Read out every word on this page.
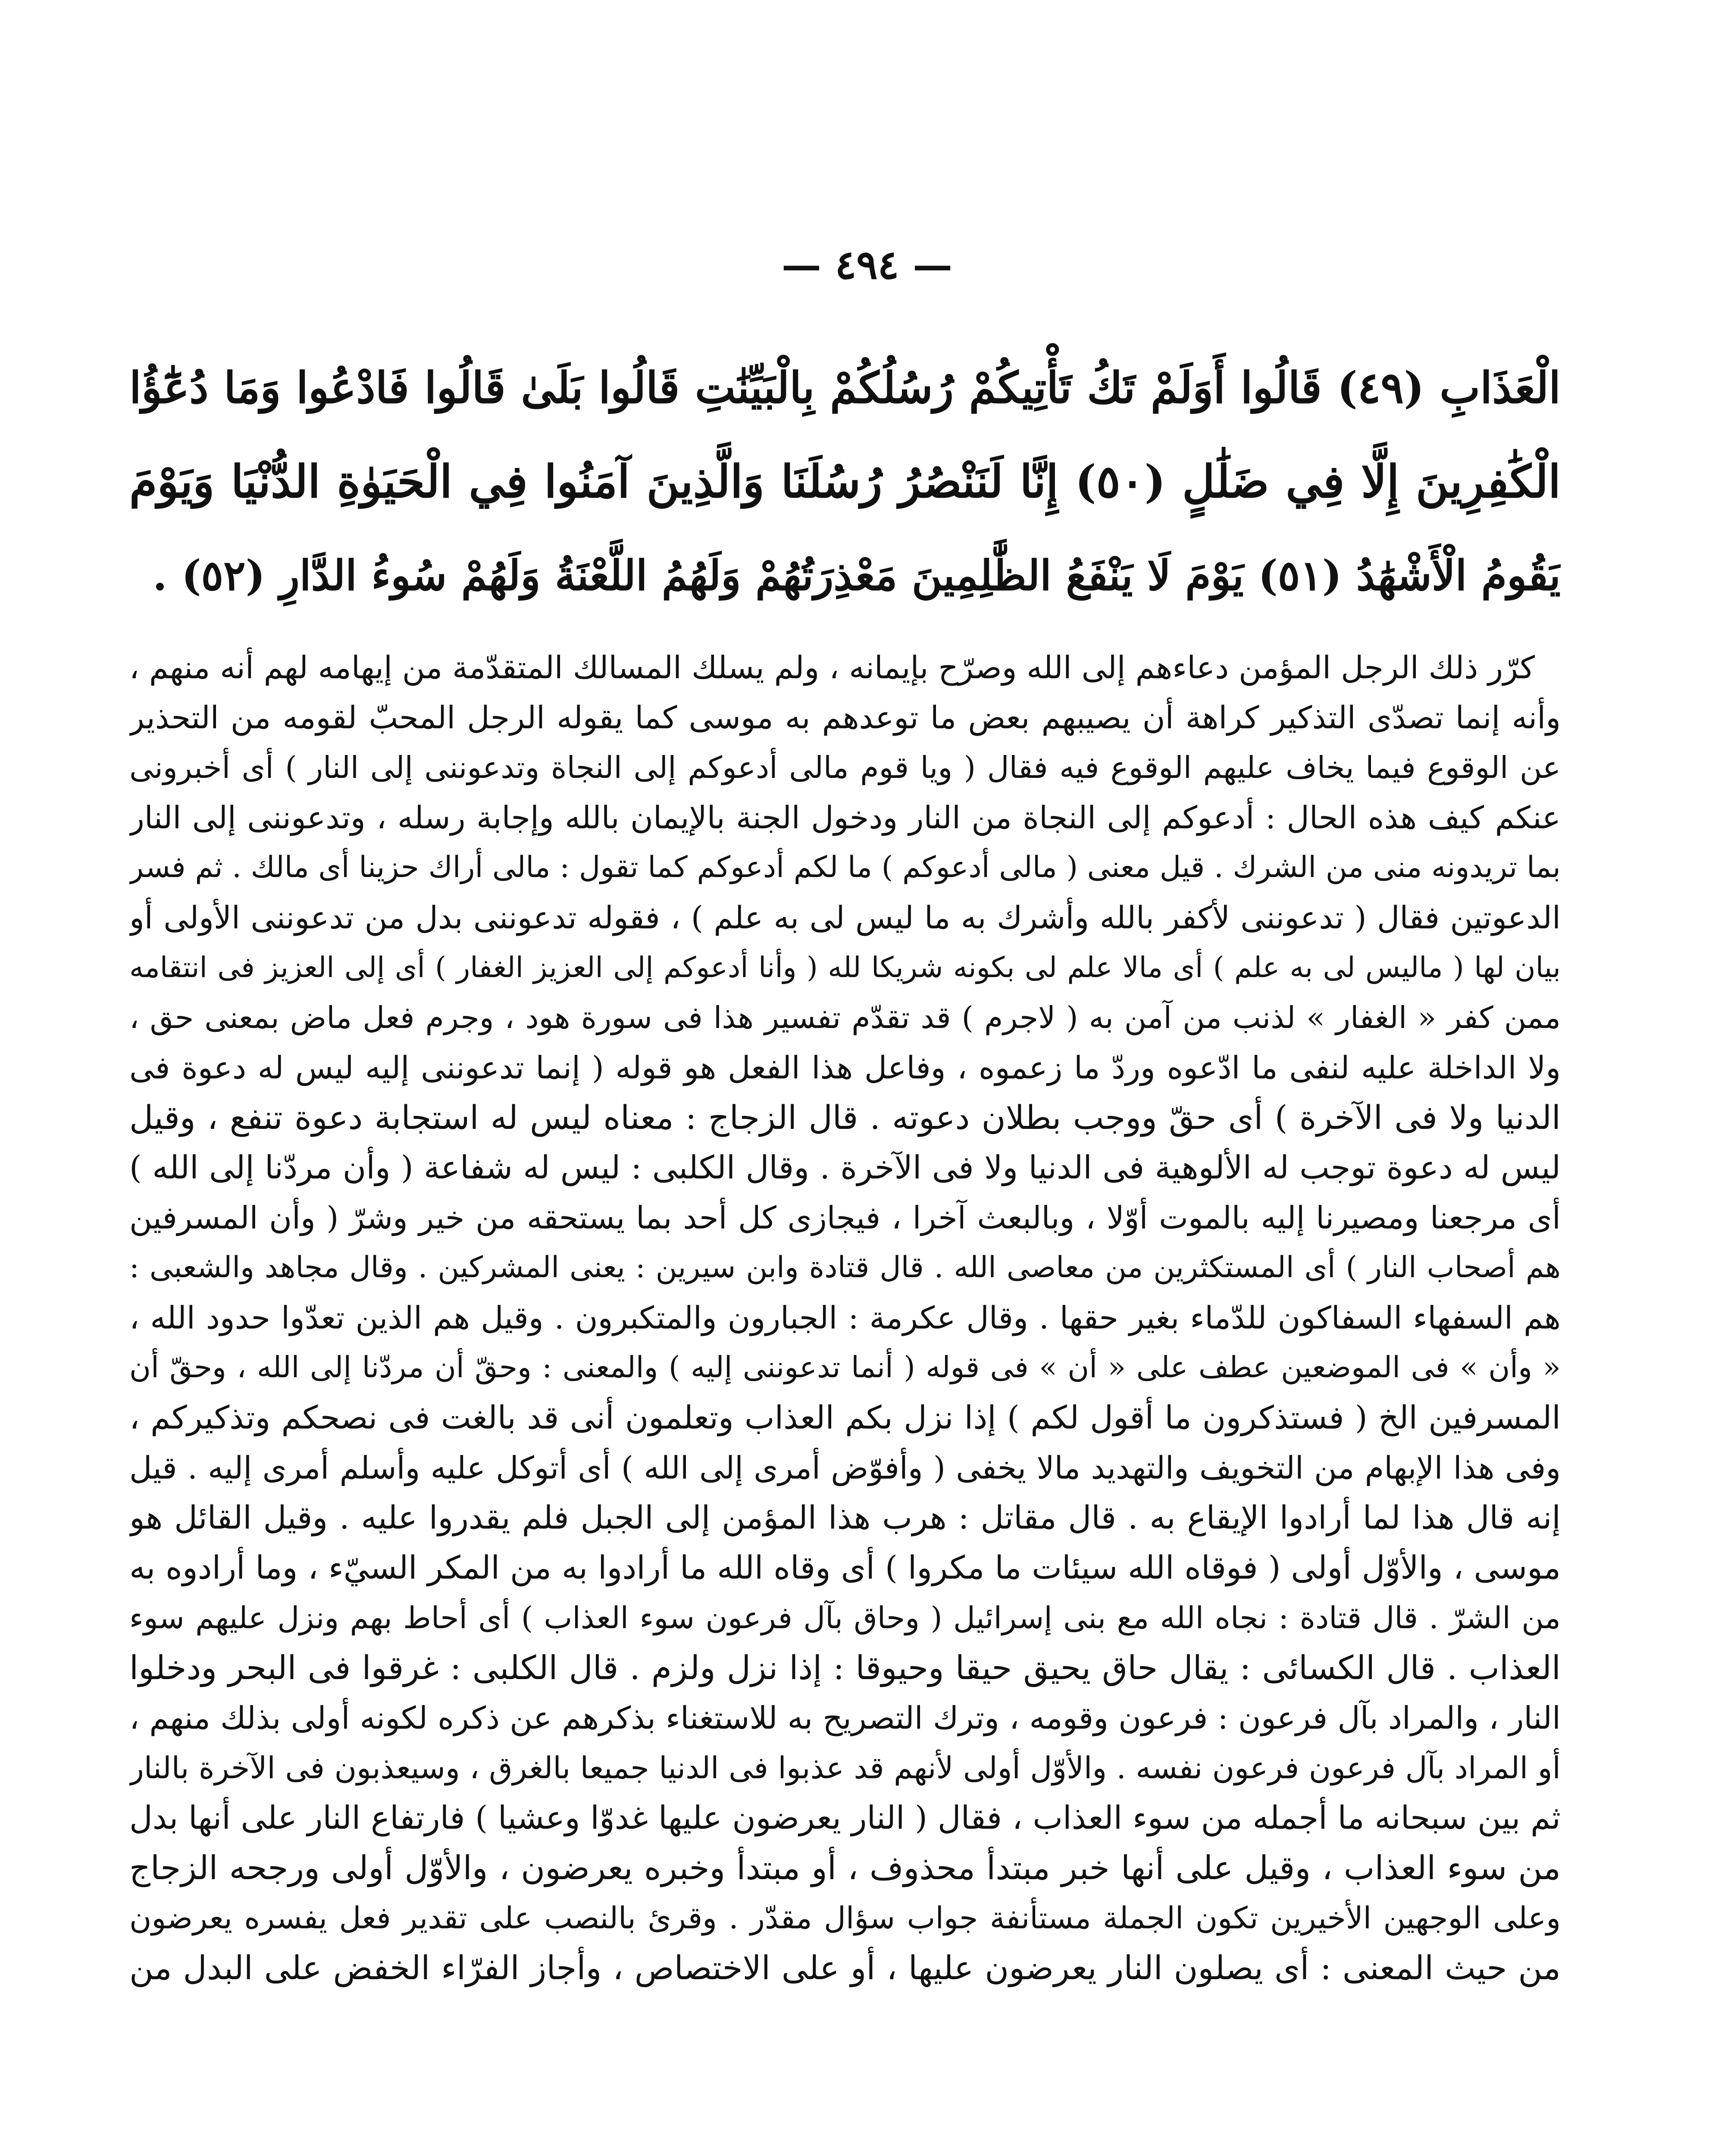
— ٤٩٤ —
الْعَذَابِ (٤٩) قَالُوا أَوَلَمْ تَكُ تَأْتِيكُمْ رُسُلُكُمْ بِالْبَيِّنَٰتِ قَالُوا بَلَىٰ قَالُوا فَادْعُوا وَمَا دُعَٰٓؤُا
الْكَٰفِرِينَ إِلَّا فِي ضَلَٰلٍ (٥٠) إِنَّا لَنَنْصُرُ رُسُلَنَا وَالَّذِينَ آمَنُوا فِي الْحَيَوٰةِ الدُّنْيَا وَيَوْمَ
يَقُومُ الْأَشْهَٰدُ (٥١) يَوْمَ لَا يَنْفَعُ الظَّٰلِمِينَ مَعْذِرَتُهُمْ وَلَهُمُ اللَّعْنَةُ وَلَهُمْ سُوءُ الدَّارِ (٥٢) .
كرّر ذلك الرجل المؤمن دعاءهم إلى الله وصرّح بإيمانه ، ولم يسلك المسالك المتقدّمة من إيهامه لهم أنه منهم ،
وأنه إنما تصدّى التذكير كراهة أن يصيبهم بعض ما توعدهم به موسى كما يقوله الرجل المحبّ لقومه من التحذير
عن الوقوع فيما يخاف عليهم الوقوع فيه فقال ( ويا قوم مالى أدعوكم إلى النجاة وتدعوننى إلى النار ) أى أخبرونى
عنكم كيف هذه الحال : أدعوكم إلى النجاة من النار ودخول الجنة بالإيمان بالله وإجابة رسله ، وتدعوننى إلى النار
بما تريدونه منى من الشرك . قيل معنى ( مالى أدعوكم ) ما لكم أدعوكم كما تقول : مالى أراك حزينا أى مالك . ثم فسر
الدعوتين فقال ( تدعوننى لأكفر بالله وأشرك به ما ليس لى به علم ) ، فقوله تدعوننى بدل من تدعوننى الأولى أو
بيان لها ( ماليس لى به علم ) أى مالا علم لى بكونه شريكا لله ( وأنا أدعوكم إلى العزيز الغفار ) أى إلى العزيز فى انتقامه
ممن كفر « الغفار » لذنب من آمن به ( لاجرم ) قد تقدّم تفسير هذا فى سورة هود ، وجرم فعل ماض بمعنى حق ،
ولا الداخلة عليه لنفى ما ادّعوه وردّ ما زعموه ، وفاعل هذا الفعل هو قوله ( إنما تدعوننى إليه ليس له دعوة فى
الدنيا ولا فى الآخرة ) أى حقّ ووجب بطلان دعوته . قال الزجاج : معناه ليس له استجابة دعوة تنفع ، وقيل
ليس له دعوة توجب له الألوهية فى الدنيا ولا فى الآخرة . وقال الكلبى : ليس له شفاعة ( وأن مردّنا إلى الله )
أى مرجعنا ومصيرنا إليه بالموت أوّلا ، وبالبعث آخرا ، فيجازى كل أحد بما يستحقه من خير وشرّ ( وأن المسرفين
هم أصحاب النار ) أى المستكثرين من معاصى الله . قال قتادة وابن سيرين : يعنى المشركين . وقال مجاهد والشعبى :
هم السفهاء السفاكون للدّماء بغير حقها . وقال عكرمة : الجبارون والمتكبرون . وقيل هم الذين تعدّوا حدود الله ،
« وأن » فى الموضعين عطف على « أن » فى قوله ( أنما تدعوننى إليه ) والمعنى : وحقّ أن مردّنا إلى الله ، وحقّ أن
المسرفين الخ ( فستذكرون ما أقول لكم ) إذا نزل بكم العذاب وتعلمون أنى قد بالغت فى نصحكم وتذكيركم ،
وفى هذا الإبهام من التخويف والتهديد مالا يخفى ( وأفوّض أمرى إلى الله ) أى أتوكل عليه وأسلم أمرى إليه . قيل
إنه قال هذا لما أرادوا الإيقاع به . قال مقاتل : هرب هذا المؤمن إلى الجبل فلم يقدروا عليه . وقيل القائل هو
موسى ، والأوّل أولى ( فوقاه الله سيئات ما مكروا ) أى وقاه الله ما أرادوا به من المكر السيّء ، وما أرادوه به
من الشرّ . قال قتادة : نجاه الله مع بنى إسرائيل ( وحاق بآل فرعون سوء العذاب ) أى أحاط بهم ونزل عليهم سوء
العذاب . قال الكسائى : يقال حاق يحيق حيقا وحيوقا : إذا نزل ولزم . قال الكلبى : غرقوا فى البحر ودخلوا
النار ، والمراد بآل فرعون : فرعون وقومه ، وترك التصريح به للاستغناء بذكرهم عن ذكره لكونه أولى بذلك منهم ،
أو المراد بآل فرعون فرعون نفسه . والأوّل أولى لأنهم قد عذبوا فى الدنيا جميعا بالغرق ، وسيعذبون فى الآخرة بالنار
ثم بين سبحانه ما أجمله من سوء العذاب ، فقال ( النار يعرضون عليها غدوّا وعشيا ) فارتفاع النار على أنها بدل
من سوء العذاب ، وقيل على أنها خبر مبتدأ محذوف ، أو مبتدأ وخبره يعرضون ، والأوّل أولى ورجحه الزجاج
وعلى الوجهين الأخيرين تكون الجملة مستأنفة جواب سؤال مقدّر . وقرئ بالنصب على تقدير فعل يفسره يعرضون
من حيث المعنى : أى يصلون النار يعرضون عليها ، أو على الاختصاص ، وأجاز الفرّاء الخفض على البدل من
